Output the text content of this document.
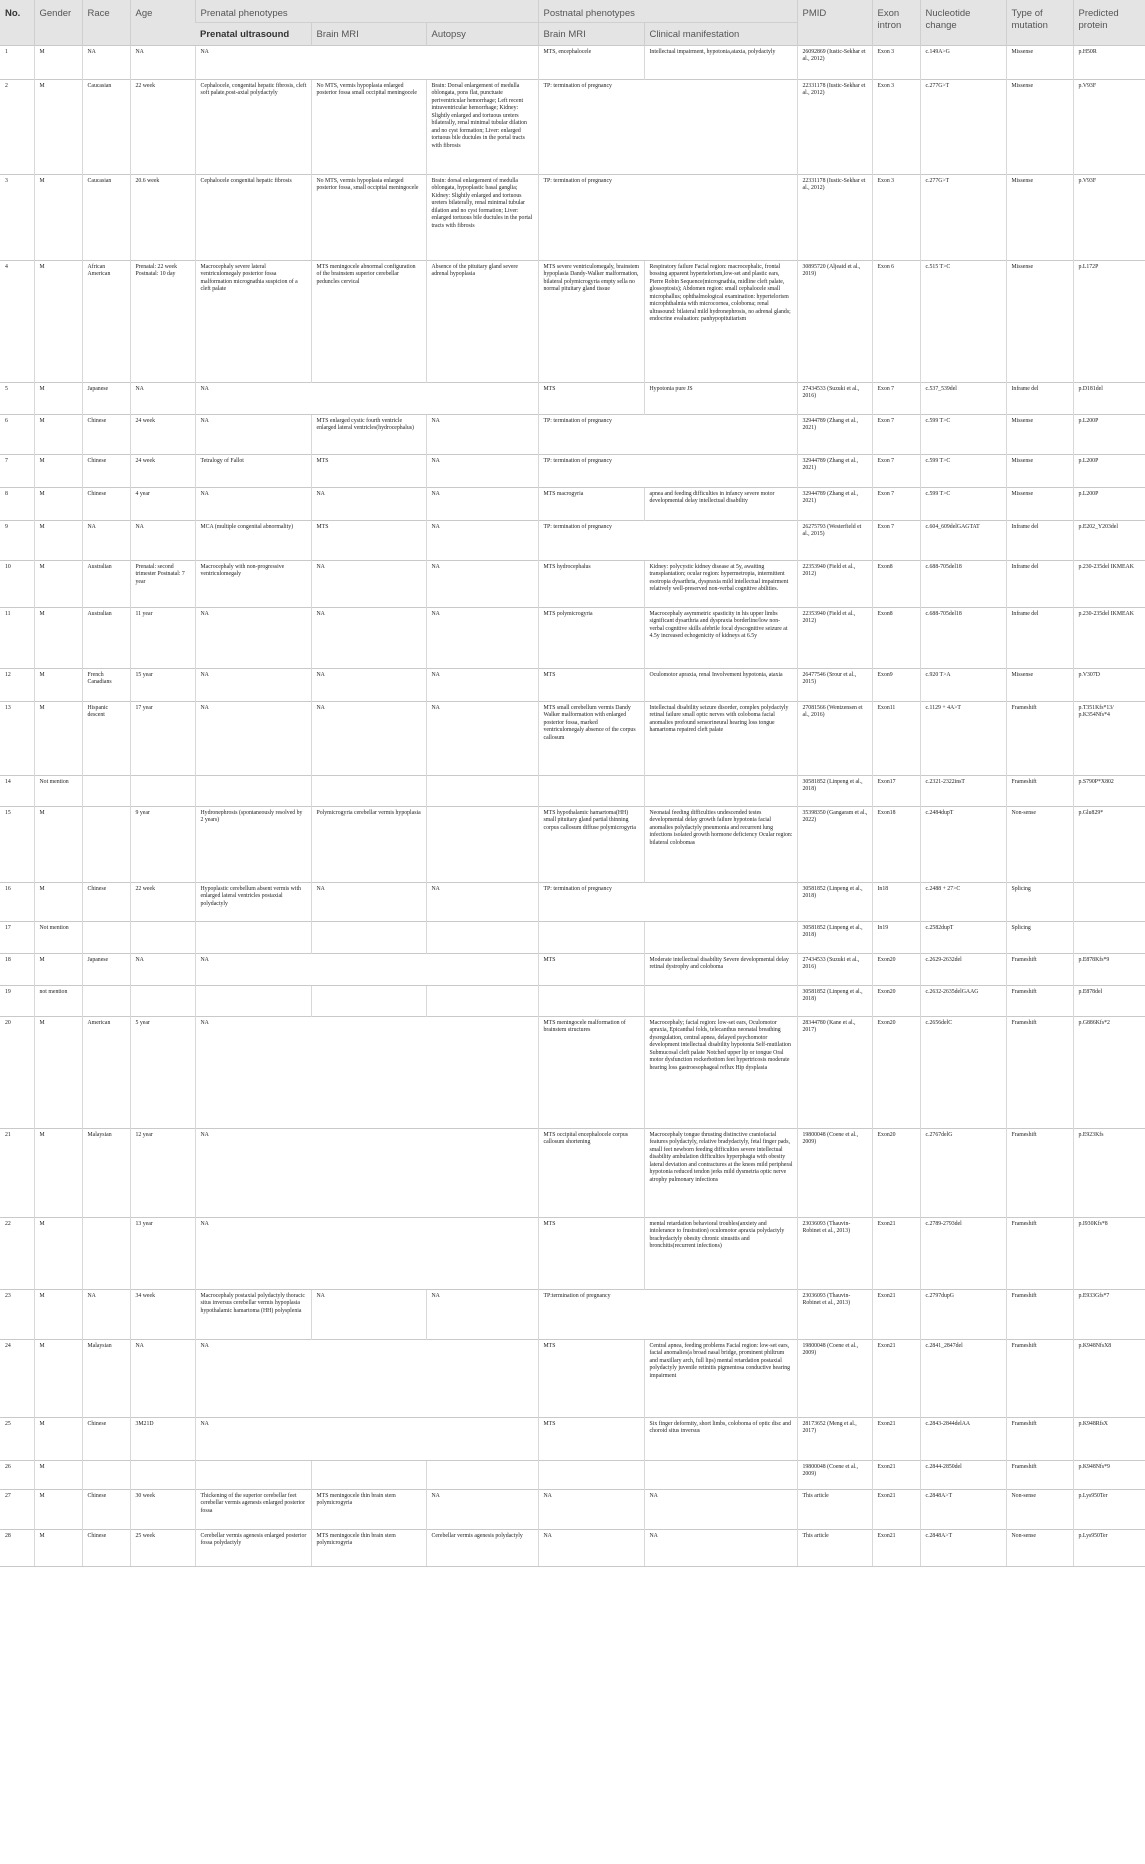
No.	Gender	Race	Age	Prenatal phenotypes			Postnatal phenotypes		PMID	Exon intron	Nucleotide change	Type of mutation	Predicted protein
				Prenatal ultrasound	Brain MRI	Autopsy	Brain MRI	Clinical manifestation					
1	M	NA	NA	NA			MTS, encephalocele	Intellectual impairment, hypotonia,ataxia, polydactyly	26092869 (Iustic-Sekhar et al., 2012)	Exon 3	c.149A>G	Missense	p.H50R
2	M	Caucasian	22 week	Cephalocele, congenital hepatic fibrosis, cleft soft palate,post-axial polydactyly	No MTS, vermis hypoplasia enlarged posterior fossa small occipital meningocele	Brain: Dorsal enlargement of medulla oblongata, pons flat, punctuate periventricular hemorrhage; Left recent intraventricular hemorrhage; Kidney: Slightly enlarged and tortuous ureters bilaterally, renal minimal tubular dilation and no cyst formation; Liver: enlarged tortuous bile ductules in the portal tracts with fibrosis	TP: termination of pregnancy		22331178 (Iustic-Sekhar et al., 2012)	Exon 3	c.277G>T	Missense	p.V93F
3	M	Caucasian	20.6 week	Cephalocele congenital hepatic fibrosis	No MTS, vermis hypoplasia enlarged posterior fossa, small occipital meningocele	Brain: dorsal enlargement of medulla oblongata, hypoplastic basal ganglia; Kidney: Slightly enlarged and tortuous ureters bilaterally, renal minimal tubular dilation and no cyst formation; Liver: enlarged tortuous bile ductules in the portal tracts with fibrosis	TP: termination of pregnancy		22331178 (Iustic-Sekhar et al., 2012)	Exon 3	c.277G>T	Missense	p.V93F
4	M	African American	Prenatal: 22 week Postnatal: 10 day	Macrocephaly severe lateral ventriculomegaly posterior fossa malformation micrognathia suspicion of a cleft palate	MTS meningocele abnormal configuration of the brainstem superior cerebellar peduncles cervical	Absence of the pituitary gland severe adrenal hypoplasia	MTS severe ventriculomegaly, brainstem hypoplasia Dandy-Walker malformation, bilateral polymicrogyria empty sella no normal pituitary gland tissue	Respiratory failure Facial region: macrocephalic, frontal bossing apparent hypertelorism,low-set and plastic ears, Pierre Robin Sequence(micrognathia, midline cleft palate, glossoptosis); Abdomen region: small cephalocele small microphallus; ophthalmological examination: hypertelorism microphthalmia with microcornea, coloboma; renal ultrasound: bilateral mild hydronephrosis, no adrenal glands; endocrine evaluation: panhypopituitarism	30895720 (Aljeaid et al., 2019)	Exon 6	c.515 T>C	Missense	p.L172P
5	M	Japanese	NA	NA			MTS	Hypotonia pure JS	27434533 (Suzuki et al., 2016)	Exon 7	c.537_539del	Inframe del	p.D181del
6	M	Chinese	24 week	NA	MTS enlarged cystic fourth ventricle enlarged lateral ventricles(hydrocephalus)	NA	TP: termination of pregnancy		32944789 (Zhang et al., 2021)	Exon 7	c.599 T>C	Missense	p.L200P
7	M	Chinese	24 week	Tetralogy of Fallot	MTS	NA	TP: termination of pregnancy		32944789 (Zhang et al., 2021)	Exon 7	c.599 T>C	Missense	p.L200P
8	M	Chinese	4 year	NA	NA	NA	MTS macrogyria	apnea and feeding difficulties in infancy severe motor developmental delay intellectual disability	32944789 (Zhang et al., 2021)	Exon 7	c.599 T>C	Missense	p.L200P
9	M	NA	NA	MCA (multiple congenital abnormality)	MTS	NA	TP: termination of pregnancy		26275793 (Westerfield et al., 2015)	Exon 7	c.604_609delGAGTAT	Inframe del	p.E202_Y203del
10	M	Australian	Prenatal: second trimester Postnatal: 7 year	Macrocephaly with non-progressive ventriculomegaly	NA	NA	MTS hydrocephalus	Kidney: polycystic kidney disease at 5y, awaiting transplantation; ocular region: hypermetropia, intermittent esotropia dysarthria, dyspraxia mild intellectual impairment relatively well-preserved non-verbal cognitive abilities.	22353940 (Field et al., 2012)	Exon8	c.688-705del18	Inframe del	p.230-235del IKMEAK
11	M	Australian	11 year	NA	NA	NA	MTS polymicrogyria	Macrocephaly asymmetric spasticity in his upper limbs significant dysarthria and dyspraxia borderline/low non-verbal cognitive skills afebrile focal dyscognitive seizure at 4.5y increased echogenicity of kidneys at 6.5y	22353940 (Field et al., 2012)	Exon8	c.688-705del18	Inframe del	p.230-235del IKMEAK
12	M	French Canadians	15 year	NA	NA	NA	MTS	Oculomotor apraxia, renal Involvement hypotonia, ataxia	26477546 (Srour et al., 2015)	Exon9	c.920 T>A	Missense	p.V307D
13	M	Hispanic descent	17 year	NA	NA	NA	MTS small cerebellum vermis Dandy Walker malformation with enlarged posterior fossa, marked ventriculomegaly absence of the corpus callosum	Intellectual disability seizure disorder, complex polydactyly retinal failure small optic nerves with coloboma facial anomalies profound sensorineural hearing loss tongue hamartoma repaired cleft palate	27081566 (Wentzensen et al., 2016)	Exon11	c.1129 + 4A>T	Frameshift	p.T351Kfs*13/ p.K354Nfs*4
14	Not mention								30581852 (Linpeng et al., 2018)	Exon17	c.2321-2322insT	Frameshift	p.S790P*X802
15	M		9 year	Hydronephrosis (spontaneously resolved by 2 years)	Polymicrogyria cerebellar vermis hypoplasia		MTS hypothalamic hamartoma(HH) small pituitary gland partial thinning corpus callosum diffuse polymicrogyria	Neonatal feeding difficulties undescended testes developmental delay growth failure hypotonia facial anomalies polydactyly pneumonia and recurrent lung infections isolated growth hormone deficiency Ocular region: bilateral colobomas	35398350 (Gangaram et al., 2022)	Exon18	c.2484dupT	Non-sense	p.Glu829*
16	M	Chinese	22 week	Hypoplastic cerebellum absent vermis with enlarged lateral ventricles postaxial polydactyly	NA	NA	TP: termination of pregnancy		30581852 (Linpeng et al., 2018)	In18	c.2488 + 27>C	Splicing	
17	Not mention								30581852 (Linpeng et al., 2018)	In19	c.2582dupT	Splicing	
18	M	Japanese	NA	NA			MTS	Moderate intellectual disability Severe developmental delay retinal dystrophy and coloboma	27434533 (Suzuki et al., 2016)	Exon20	c.2629-2632del	Frameshift	p.E878Kfs*9
19	not mention								30581852 (Linpeng et al., 2018)	Exon20	c.2632-2635delGAAG	Frameshift	p.E878del
20	M	American	5 year	NA			MTS meningocele malformation of brainstem structures	Macrocephaly; facial region: low-set ears, Oculomotor apraxia, Epicanthal folds, telecanthus neonatal breathing dysregulation, central apnea, delayed psychomotor development intellectual disability hypotonia Self-mutilation Submucosal cleft palate Notched upper lip or tongue Oral motor dysfunction rockerbottom feet hypertricosis moderate hearing loss gastroesophageal reflux Hip dysplasia	28344780 (Kane et al., 2017)	Exon20	c.2656delC	Frameshift	p.G886Kfs*2
21	M	Malaysian	12 year	NA			MTS occipital encephalocele corpus callosum shortening	Macrocephaly tongue thrusting distinctive craniofacial features polydactyly, relative bradydactyly, fetal finger pads, small feet newborn feeding difficulties severe intellectual disability ambulation difficulties hyperphagia with obesity lateral deviation and contractures at the knees mild peripheral hypotonia reduced tendon jerks mild dysmetria optic nerve atrophy pulmonary infections	19800048 (Coene et al., 2009)	Exon20	c.2767delG	Frameshift	p.E923Kfs
22	M		13 year	NA			MTS	mental retardation behavioral troubles(anxiety and intolerance to frustration) oculomotor apraxia polydactyly brachydactyly obesity chronic sinusitis and bronchitis(recurrent infections)	23036093 (Thauvin-Robinet et al., 2013)	Exon21	c.2789-2793del	Frameshift	p.I930Kfs*8
23	M	NA	34 week	Macrocephaly postaxial polydactyly thoracic situs inversus cerebellar vermis hypoplasia hypothalamic hamartoma (HH) polysplenia	NA	NA	TP:termination of pregnancy		23036093 (Thauvin-Robinet et al., 2013)	Exon21	c.2797dupG	Frameshift	p.E933Gfs*7
24	M	Malaysian	NA	NA			MTS	Central apnea, feeding problems Facial region: low-set ears, facial anomalies(a broad nasal bridge, prominent philtrum and maxillary arch, full lips) mental retardation postaxial polydactyly juvenile retinitis pigmentosa conductive hearing impairment	19800048 (Coene et al., 2009)	Exon21	c.2841_2847del	Frameshift	p.K948NfsX8
25	M	Chinese	3M21D	NA			MTS	Six finger deformity, short limbs, coloboma of optic disc and choroid situs inversus	28173652 (Meng et al., 2017)	Exon21	c.2843-2844delAA	Frameshift	p.K948RfsX
26	M								19800048 (Coene et al., 2009)	Exon21	c.2844-2850del	Frameshift	p.K948Nfs*9
27	M	Chinese	30 week	Thickening of the superior cerebellar feet cerebellar vermis agenesis enlarged posterior fossa	MTS meningocele thin brain stem polymicrogyria	NA	NA	NA	This article	Exon21	c.2848A>T	Non-sense	p.Lys950Ter
28	M	Chinese	25 week	Cerebellar vermis agenesis enlarged posterior fossa polydactyly	MTS meningocele thin brain stem polymicrogyria	Cerebellar vermis agenesis polydactyly	NA	NA	This article	Exon21	c.2848A>T	Non-sense	p.Lys950Ter
